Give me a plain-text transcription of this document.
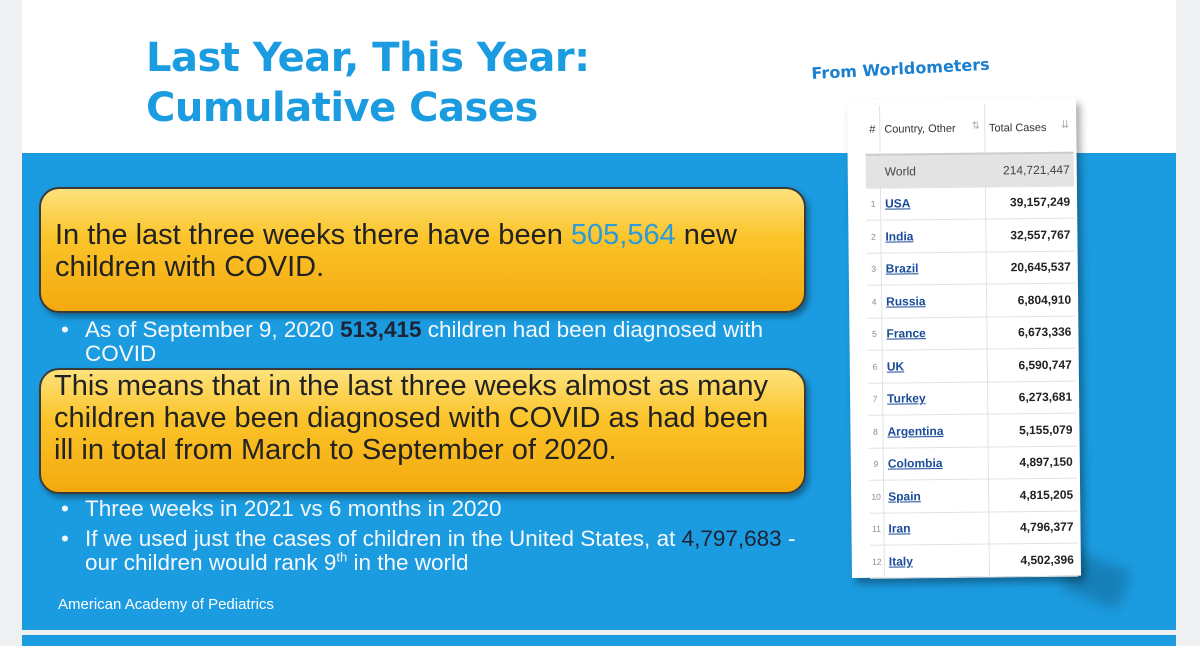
Last Year, This Year:
Cumulative Cases
In the last three weeks there have been 505,564 new children with COVID.
• As of September 9, 2020 513,415 children had been diagnosed with COVID
This means that in the last three weeks almost as many children have been diagnosed with COVID as had been ill in total from March to September of 2020.
• Three weeks in 2021 vs 6 months in 2020
• If we used just the cases of children in the United States, at 4,797,683 - our children would rank 9th in the world
American Academy of Pediatrics
From Worldometers
#	Country, Other ⇅	Total Cases ⇊

	World	214,721,447
1	USA	39,157,249
2	India	32,557,767
3	Brazil	20,645,537
4	Russia	6,804,910
5	France	6,673,336
6	UK	6,590,747
7	Turkey	6,273,681
8	Argentina	5,155,079
9	Colombia	4,897,150
10	Spain	4,815,205
11	Iran	4,796,377
12	Italy	4,502,396
